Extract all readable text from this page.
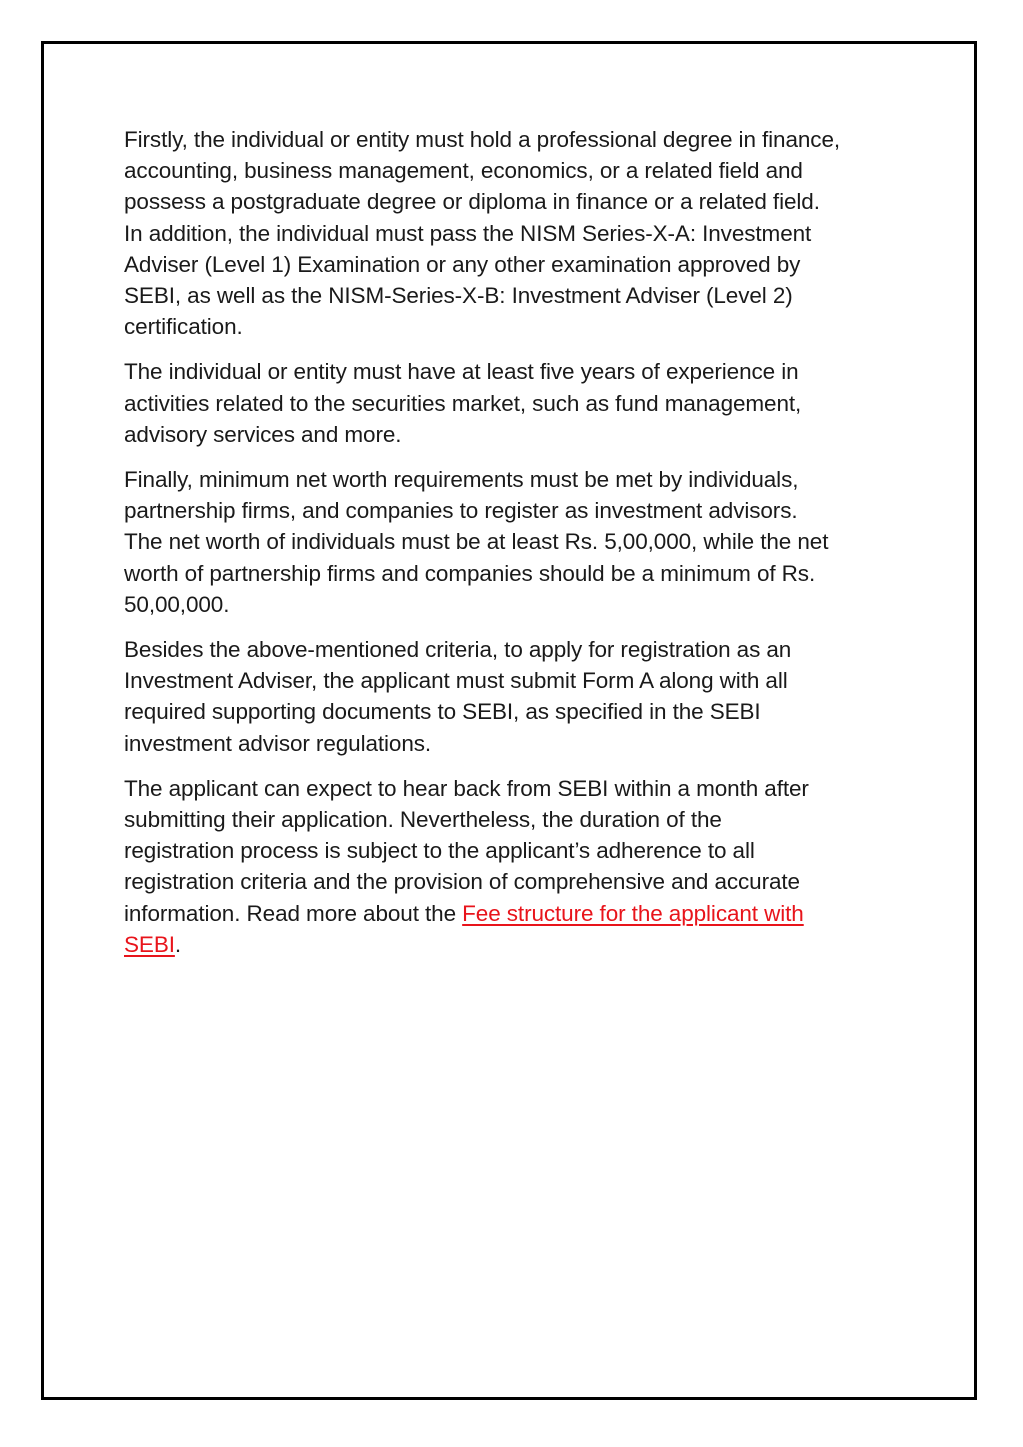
Firstly, the individual or entity must hold a professional degree in finance,
accounting, business management, economics, or a related field and
possess a postgraduate degree or diploma in finance or a related field.
In addition, the individual must pass the NISM Series-X-A: Investment
Adviser (Level 1) Examination or any other examination approved by
SEBI, as well as the NISM-Series-X-B: Investment Adviser (Level 2)
certification.

The individual or entity must have at least five years of experience in
activities related to the securities market, such as fund management,
advisory services and more.

Finally, minimum net worth requirements must be met by individuals,
partnership firms, and companies to register as investment advisors.
The net worth of individuals must be at least Rs. 5,00,000, while the net
worth of partnership firms and companies should be a minimum of Rs.
50,00,000.

Besides the above-mentioned criteria, to apply for registration as an
Investment Adviser, the applicant must submit Form A along with all
required supporting documents to SEBI, as specified in the SEBI
investment advisor regulations.

The applicant can expect to hear back from SEBI within a month after
submitting their application. Nevertheless, the duration of the
registration process is subject to the applicant’s adherence to all
registration criteria and the provision of comprehensive and accurate
information. Read more about the Fee structure for the applicant with
SEBI.
